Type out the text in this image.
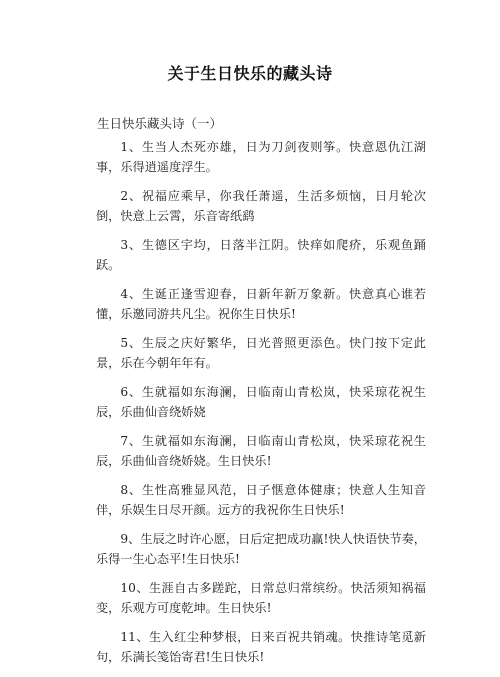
关于生日快乐的藏头诗
生日快乐藏头诗（一）
1、生当人杰死亦雄，日为刀剑夜则筝。快意恩仇江湖事，乐得逍遥度浮生。
2、祝福应乘早，你我任萧遥，生活多烦恼，日月轮次倒，快意上云霄，乐音寄纸鹞
3、生德区宇均，日落半江阴。快痒如爬疥，乐观鱼踊跃。
4、生诞正逢雪迎春，日新年新万象新。快意真心谁若懂，乐邀同游共凡尘。祝你生日快乐!
5、生辰之庆好繁华，日光普照更添色。快门按下定此景，乐在今朝年年有。
6、生就福如东海澜，日临南山青松岚，快采琼花祝生辰，乐曲仙音绕娇娆
7、生就福如东海澜，日临南山青松岚，快采琼花祝生辰，乐曲仙音绕娇娆。生日快乐!
8、生性高雅显风范，日子惬意体健康；快意人生知音伴，乐娱生日尽开颜。远方的我祝你生日快乐!
9、生辰之时许心愿，日后定把成功赢!快人快语快节奏，乐得一生心态平!生日快乐!
10、生涯自古多蹉跎，日常总归常缤纷。快活须知祸福变，乐观方可度乾坤。生日快乐!
11、生入红尘种梦根，日来百祝共销魂。快推诗笔觅新句，乐满长笺饴寄君!生日快乐!
